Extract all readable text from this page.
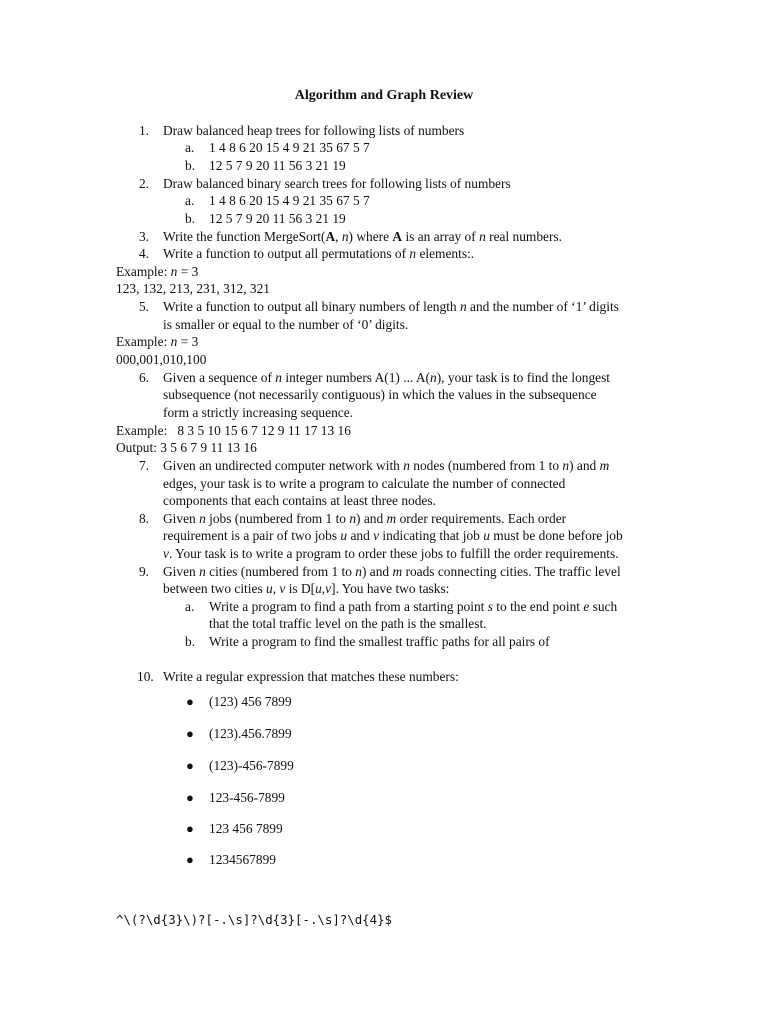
Algorithm and Graph Review
1. Draw balanced heap trees for following lists of numbers
a. 1 4 8 6 20 15 4 9 21 35 67 5 7
b. 12 5 7 9 20 11 56 3 21 19
2. Draw balanced binary search trees for following lists of numbers
a. 1 4 8 6 20 15 4 9 21 35 67 5 7
b. 12 5 7 9 20 11 56 3 21 19
3. Write the function MergeSort(A, n) where A is an array of n real numbers.
4. Write a function to output all permutations of n elements:.
Example: n = 3
123, 132, 213, 231, 312, 321
5. Write a function to output all binary numbers of length n and the number of ‘1’ digits
is smaller or equal to the number of ‘0’ digits.
Example: n = 3
000,001,010,100
6. Given a sequence of n integer numbers A(1) ... A(n), your task is to find the longest
subsequence (not necessarily contiguous) in which the values in the subsequence
form a strictly increasing sequence.
Example:   8 3 5 10 15 6 7 12 9 11 17 13 16
Output: 3 5 6 7 9 11 13 16
7. Given an undirected computer network with n nodes (numbered from 1 to n) and m
edges, your task is to write a program to calculate the number of connected
components that each contains at least three nodes.
8. Given n jobs (numbered from 1 to n) and m order requirements. Each order
requirement is a pair of two jobs u and v indicating that job u must be done before job
v. Your task is to write a program to order these jobs to fulfill the order requirements.
9. Given n cities (numbered from 1 to n) and m roads connecting cities. The traffic level
between two cities u, v is D[u,v]. You have two tasks:
a. Write a program to find a path from a starting point s to the end point e such
that the total traffic level on the path is the smallest.
b. Write a program to find the smallest traffic paths for all pairs of
10. Write a regular expression that matches these numbers:
● (123) 456 7899
● (123).456.7899
● (123)-456-7899
● 123-456-7899
● 123 456 7899
● 1234567899
^\(?\d{3}\)?[-.\s]?\d{3}[-.\s]?\d{4}$
